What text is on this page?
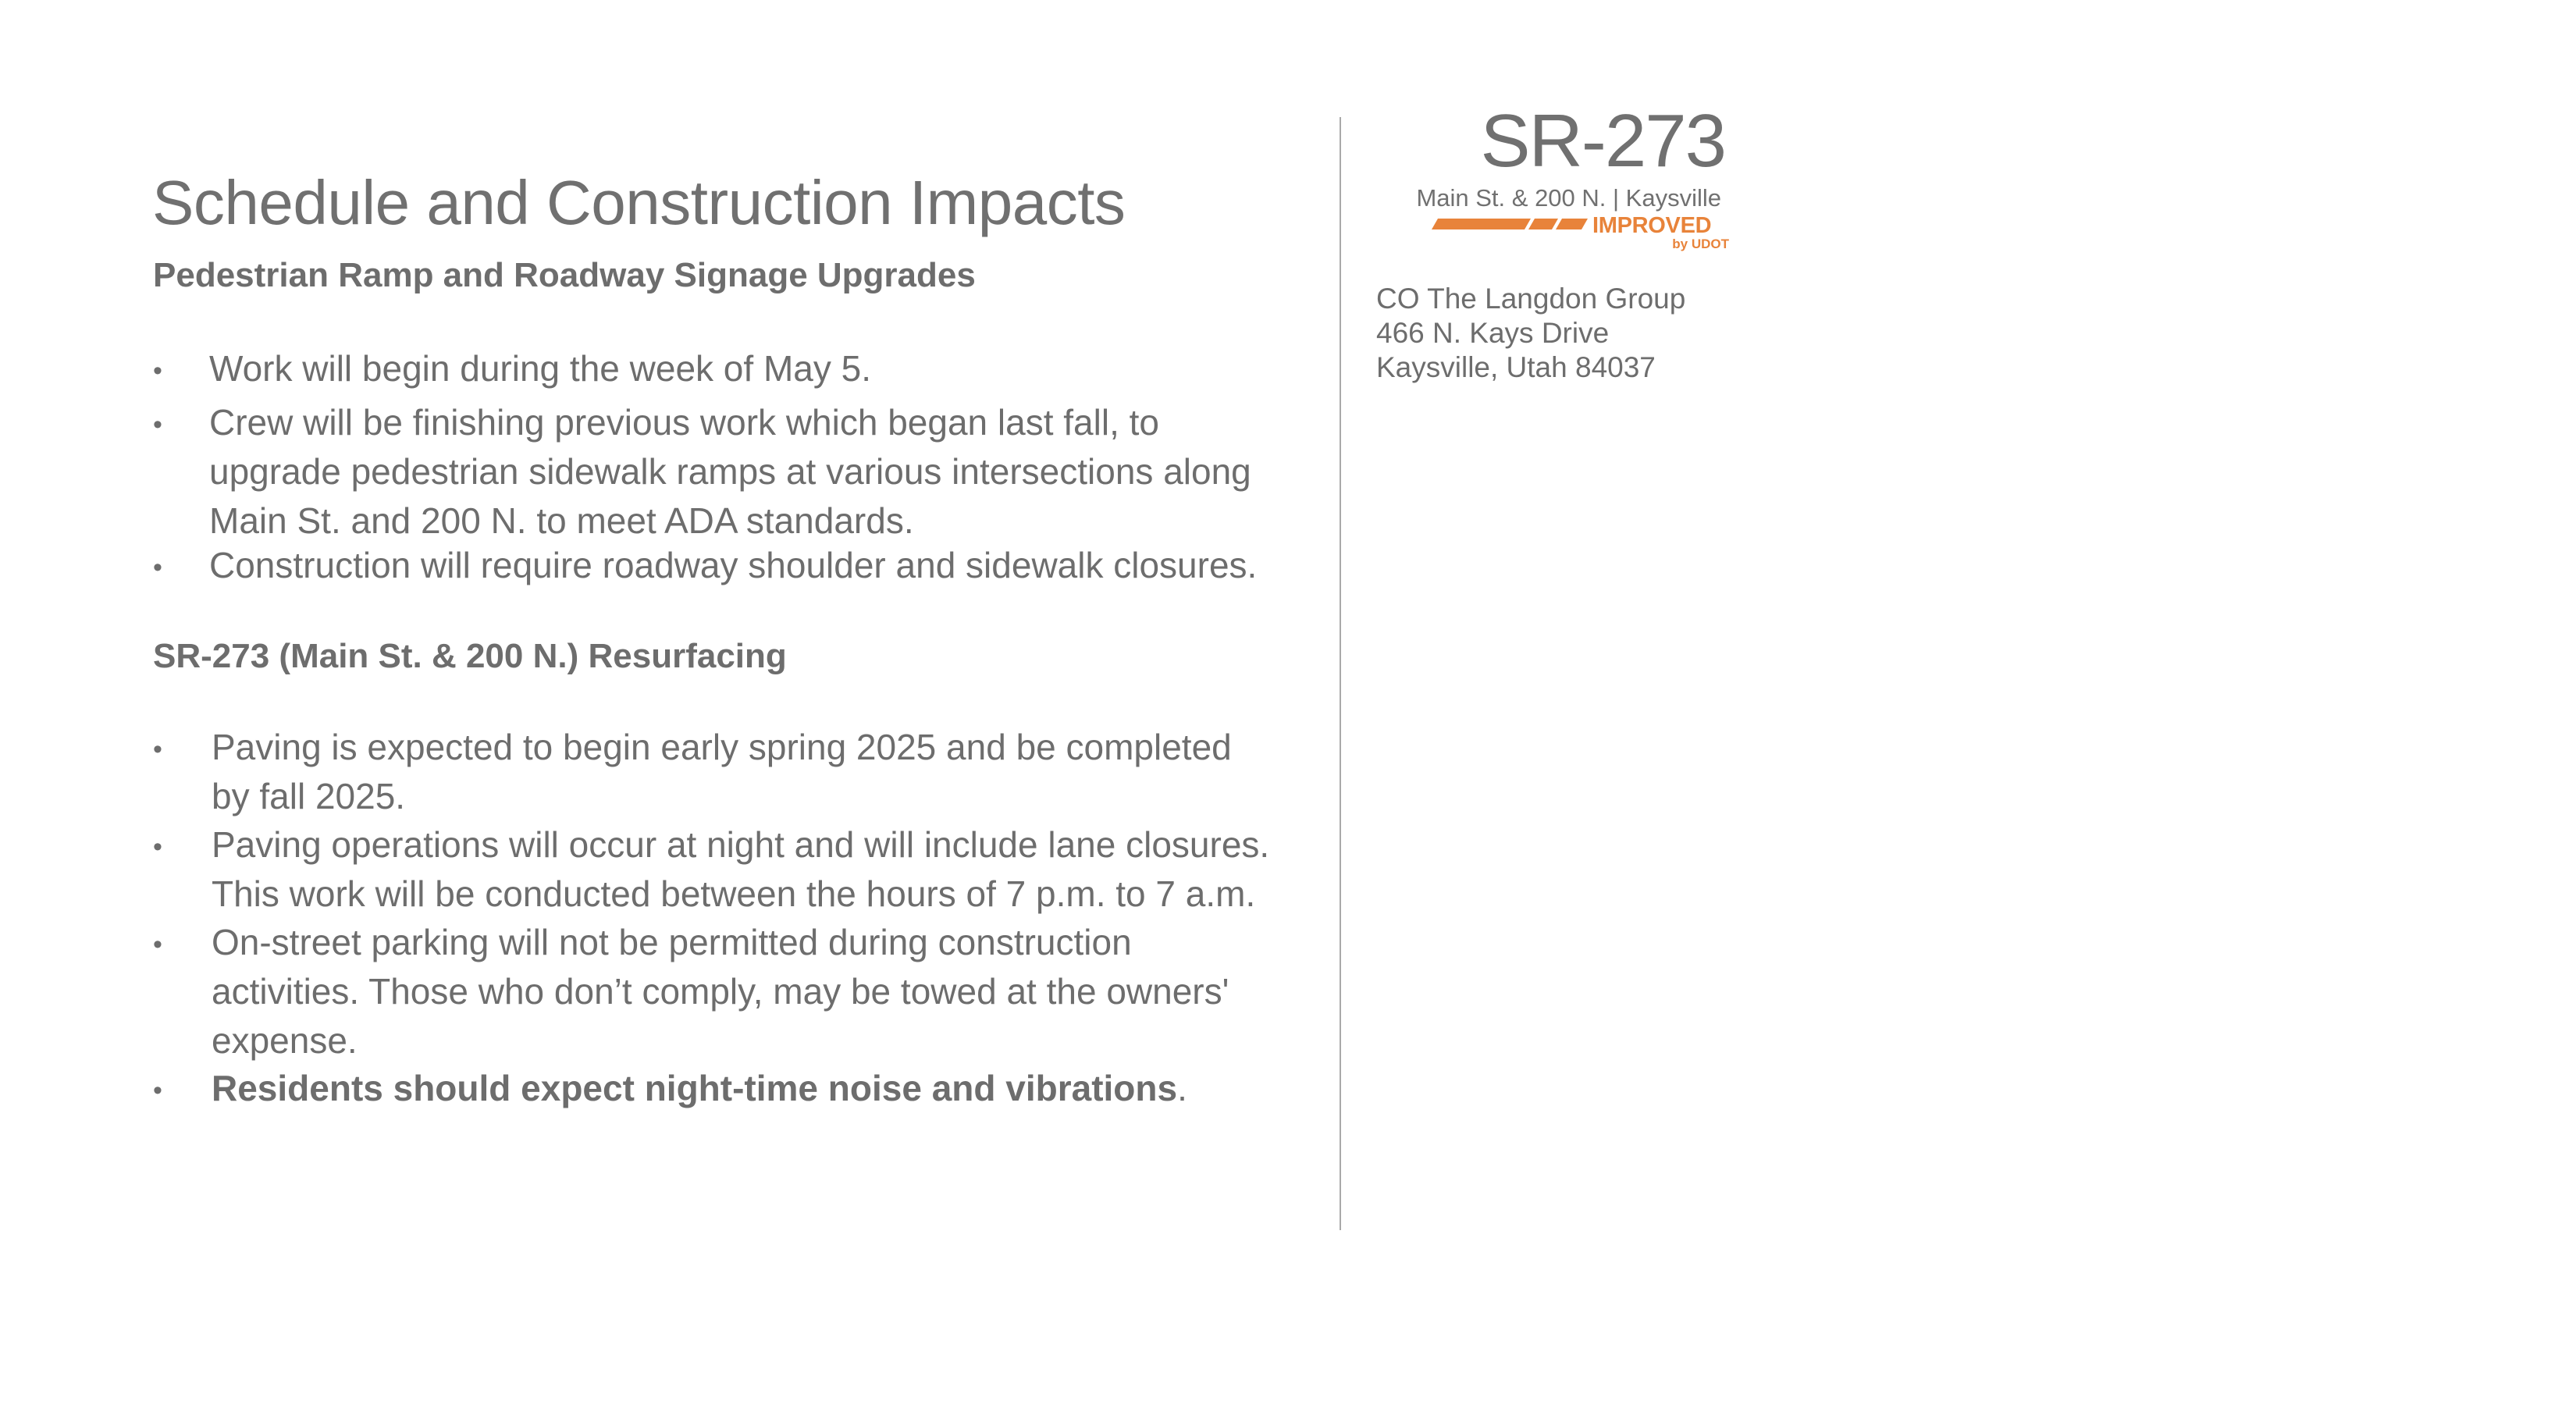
Schedule and Construction Impacts
Pedestrian Ramp and Roadway Signage Upgrades
• Work will begin during the week of May 5.
• Crew will be finishing previous work which began last fall, to
upgrade pedestrian sidewalk ramps at various intersections along
Main St. and 200 N. to meet ADA standards.
• Construction will require roadway shoulder and sidewalk closures.
SR-273 (Main St. & 200 N.) Resurfacing
• Paving is expected to begin early spring 2025 and be completed
by fall 2025.
• Paving operations will occur at night and will include lane closures.
This work will be conducted between the hours of 7 p.m. to 7 a.m.
• On-street parking will not be permitted during construction
activities. Those who don’t comply, may be towed at the owners'
expense.
• Residents should expect night-time noise and vibrations.
SR-273
Main St. & 200 N. | Kaysville
IMPROVED
by UDOT
CO The Langdon Group
466 N. Kays Drive
Kaysville, Utah 84037
